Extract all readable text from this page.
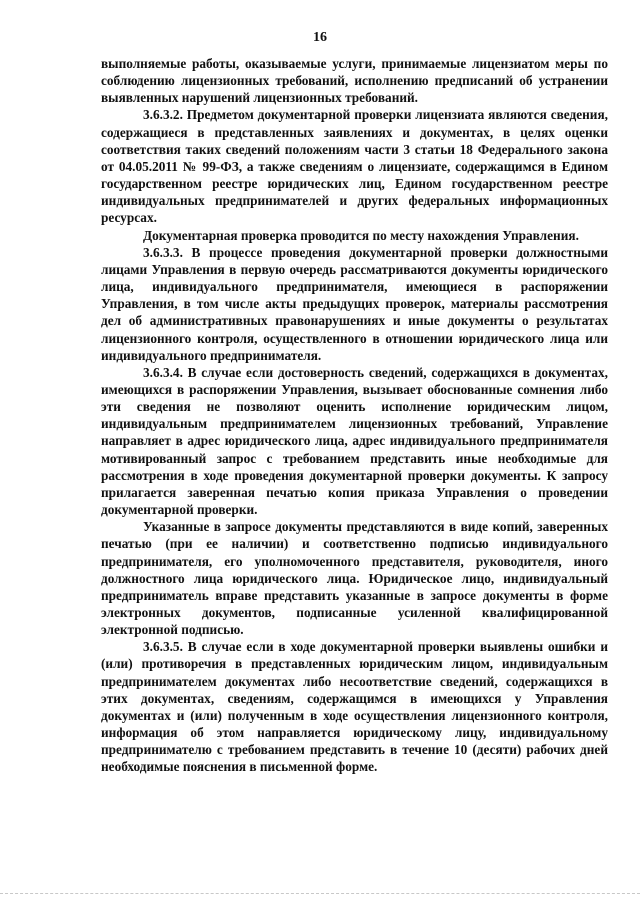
16

выполняемые работы, оказываемые услуги, принимаемые лицензиатом меры по соблюдению лицензионных требований, исполнению предписаний об устранении выявленных нарушений лицензионных требований.

3.6.3.2. Предметом документарной проверки лицензиата являются сведения, содержащиеся в представленных заявлениях и документах, в целях оценки соответствия таких сведений положениям части 3 статьи 18 Федерального закона от 04.05.2011 № 99-ФЗ, а также сведениям о лицензиате, содержащимся в Едином государственном реестре юридических лиц, Едином государственном реестре индивидуальных предпринимателей и других федеральных информационных ресурсах.

Документарная проверка проводится по месту нахождения Управления.

3.6.3.3. В процессе проведения документарной проверки должностными лицами Управления в первую очередь рассматриваются документы юридического лица, индивидуального предпринимателя, имеющиеся в распоряжении Управления, в том числе акты предыдущих проверок, материалы рассмотрения дел об административных правонарушениях и иные документы о результатах лицензионного контроля, осуществленного в отношении юридического лица или индивидуального предпринимателя.

3.6.3.4. В случае если достоверность сведений, содержащихся в документах, имеющихся в распоряжении Управления, вызывает обоснованные сомнения либо эти сведения не позволяют оценить исполнение юридическим лицом, индивидуальным предпринимателем лицензионных требований, Управление направляет в адрес юридического лица, адрес индивидуального предпринимателя мотивированный запрос с требованием представить иные необходимые для рассмотрения в ходе проведения документарной проверки документы. К запросу прилагается заверенная печатью копия приказа Управления о проведении документарной проверки.

Указанные в запросе документы представляются в виде копий, заверенных печатью (при ее наличии) и соответственно подписью индивидуального предпринимателя, его уполномоченного представителя, руководителя, иного должностного лица юридического лица. Юридическое лицо, индивидуальный предприниматель вправе представить указанные в запросе документы в форме электронных документов, подписанные усиленной квалифицированной электронной подписью.

3.6.3.5. В случае если в ходе документарной проверки выявлены ошибки и (или) противоречия в представленных юридическим лицом, индивидуальным предпринимателем документах либо несоответствие сведений, содержащихся в этих документах, сведениям, содержащимся в имеющихся у Управления документах и (или) полученным в ходе осуществления лицензионного контроля, информация об этом направляется юридическому лицу, индивидуальному предпринимателю с требованием представить в течение 10 (десяти) рабочих дней необходимые пояснения в письменной форме.
